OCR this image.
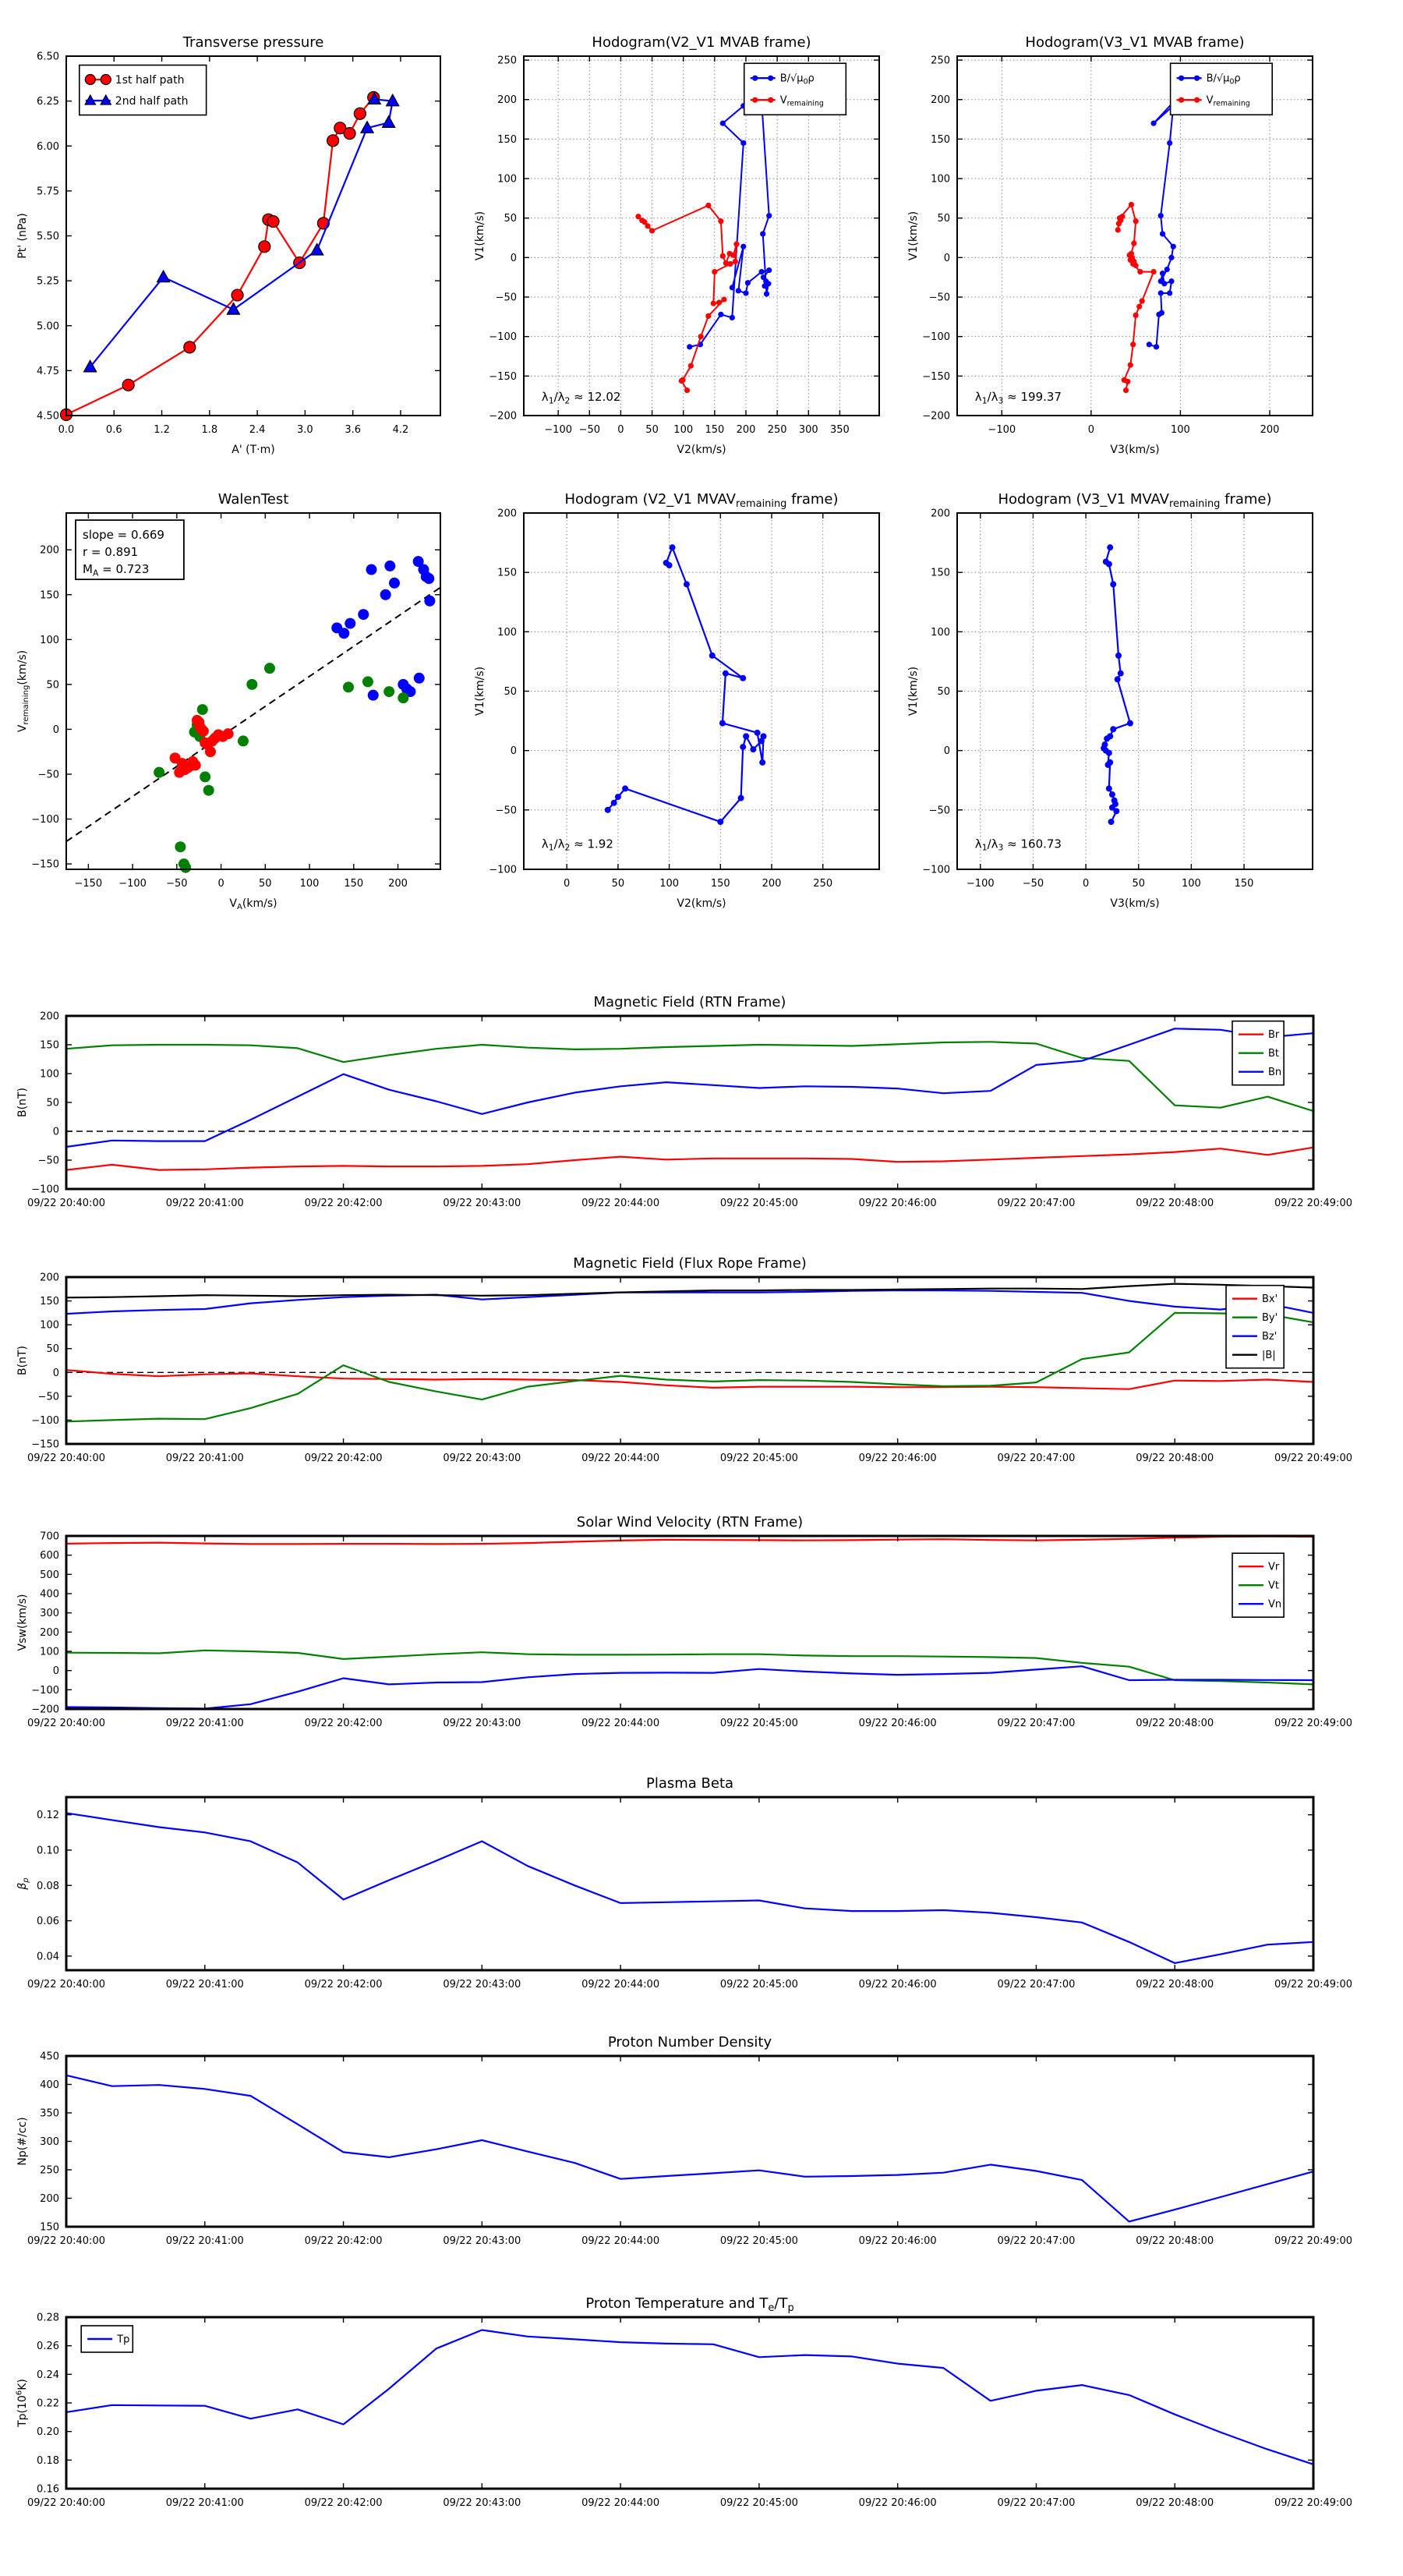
0.0	0.6	1.2	1.8	2.4	3.0	3.6	4.2
4.50
4.75
5.00
5.25
5.50
5.75
6.00
6.25
6.50
Transverse pressure
A' (T·m)
Pt' (nPa)
1st half path
2nd half path
−100 −50 0 50 100 150 200 250 300 350
−200
−150
−100
−50
0
50
100
150
200
250
Hodogram(V2_V1 MVAB frame)
V2(km/s)
V1(km/s)
$B/√\mu_0\rho$
$V_{remaining}$
$\lambda_1/\lambda_2 \approx 12.02$
−100	0	100	200
−200
−150
−100
−50
0
50
100
150
200
250
Hodogram(V3_V1 MVAB frame)
V3(km/s)
V1(km/s)
$B/√\mu_0\rho$
$V_{remaining}$
$\lambda_1/\lambda_3 \approx 199.37$
−150 −100 −50	0	50	100 150 200
−150
−100
−50
0
50
100
150
200
WalenTest
$V_A(km/s)$
$V_{remaining}(km/s)$
slope = 0.669
r = 0.891
$M_A = 0.723$
0	50	100	150	200	250
−100
−50
0
50
100
150
200
Hodogram (V2_V1 $MVAV_{remaining}$ frame)
V2(km/s)
V1(km/s)
$\lambda_1/\lambda_2 \approx 1.92$
−100	−50	0	50	100	150
−100
−50
0
50
100
150
200
Hodogram (V3_V1 $MVAV_{remaining}$ frame)
V3(km/s)
V1(km/s)
$\lambda_1/\lambda_3 \approx 160.73$
09/22 20:40:00	09/22 20:41:00	09/22 20:42:00	09/22 20:43:00	09/22 20:44:00	09/22 20:45:00	09/22 20:46:00	09/22 20:47:00	09/22 20:48:00	09/22 20:49:00
−100
−50
0
50
100
150
200
Magnetic Field (RTN Frame)
B(nT)
Br
Bt
Bn
09/22 20:40:00	09/22 20:41:00	09/22 20:42:00	09/22 20:43:00	09/22 20:44:00	09/22 20:45:00	09/22 20:46:00	09/22 20:47:00	09/22 20:48:00	09/22 20:49:00
−150
−100
−50
0
50
100
150
200
Magnetic Field (Flux Rope Frame)
B(nT)
Bx'
By'
Bz'
|B|
09/22 20:40:00	09/22 20:41:00	09/22 20:42:00	09/22 20:43:00	09/22 20:44:00	09/22 20:45:00	09/22 20:46:00	09/22 20:47:00	09/22 20:48:00	09/22 20:49:00
−200
−100
0
100
200
300
400
500
600
700
Solar Wind Velocity (RTN Frame)
Vsw(km/s)
Vr
Vt
Vn
09/22 20:40:00	09/22 20:41:00	09/22 20:42:00	09/22 20:43:00	09/22 20:44:00	09/22 20:45:00	09/22 20:46:00	09/22 20:47:00	09/22 20:48:00	09/22 20:49:00
0.04
0.06
0.08
0.10
0.12
Plasma Beta
$\beta_p$
09/22 20:40:00	09/22 20:41:00	09/22 20:42:00	09/22 20:43:00	09/22 20:44:00	09/22 20:45:00	09/22 20:46:00	09/22 20:47:00	09/22 20:48:00	09/22 20:49:00
150
200
250
300
350
400
450
Proton Number Density
Np(#/cc)
09/22 20:40:00	09/22 20:41:00	09/22 20:42:00	09/22 20:43:00	09/22 20:44:00	09/22 20:45:00	09/22 20:46:00	09/22 20:47:00	09/22 20:48:00	09/22 20:49:00
0.16
0.18
0.20
0.22
0.24
0.26
0.28
Proton Temperature and $T_e/T_p$
$Tp(10^6K)$
Tp
